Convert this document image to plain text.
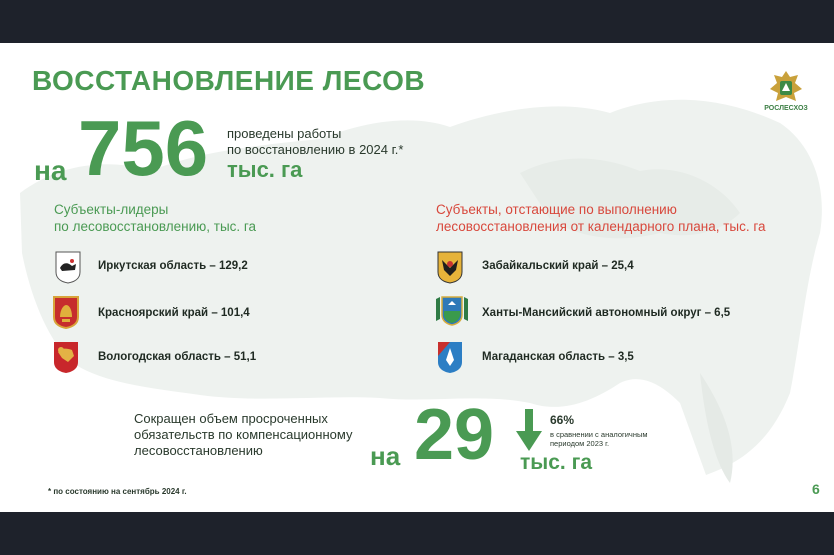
ВОССТАНОВЛЕНИЕ ЛЕСОВ
РОСЛЕСХОЗ
на 756 проведены работы
по восстановлению в 2024 г.*
тыс. га
Субъекты-лидеры
по лесовосстановлению, тыс. га
Иркутская область – 129,2
Красноярский край – 101,4
Вологодская область – 51,1
Субъекты, отстающие по выполнению
лесовосстановления от календарного плана, тыс. га
Забайкальский край – 25,4
Ханты-Мансийский автономный округ – 6,5
Магаданская область – 3,5
Сокращен объем просроченных
обязательств по компенсационному
лесовосстановлению	на 29	66%
в сравнении с аналогичным
периодом 2023 г.
тыс. га
* по состоянию на сентябрь 2024 г.	6
